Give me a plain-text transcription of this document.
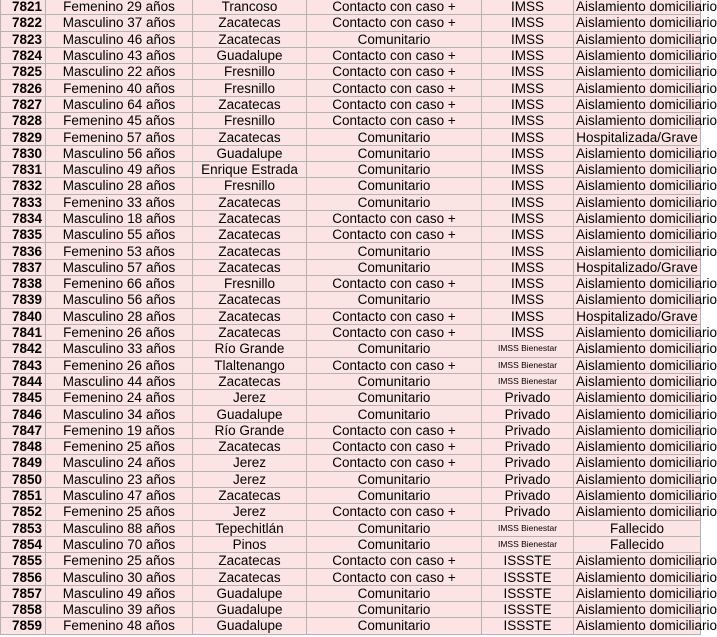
7821	Femenino 29 años	Trancoso	Contacto con caso +	IMSS	Aislamiento domiciliario
7822	Masculino 37 años	Zacatecas	Contacto con caso +	IMSS	Aislamiento domiciliario
7823	Masculino 46 años	Zacatecas	Comunitario	IMSS	Aislamiento domiciliario
7824	Masculino 43 años	Guadalupe	Contacto con caso +	IMSS	Aislamiento domiciliario
7825	Masculino 22 años	Fresnillo	Contacto con caso +	IMSS	Aislamiento domiciliario
7826	Femenino 40 años	Fresnillo	Contacto con caso +	IMSS	Aislamiento domiciliario
7827	Masculino 64 años	Zacatecas	Contacto con caso +	IMSS	Aislamiento domiciliario
7828	Femenino 45 años	Fresnillo	Contacto con caso +	IMSS	Aislamiento domiciliario
7829	Femenino 57 años	Zacatecas	Comunitario	IMSS	Hospitalizada/Grave
7830	Masculino 56 años	Guadalupe	Comunitario	IMSS	Aislamiento domiciliario
7831	Masculino 49 años	Enrique Estrada	Comunitario	IMSS	Aislamiento domiciliario
7832	Masculino 28 años	Fresnillo	Comunitario	IMSS	Aislamiento domiciliario
7833	Femenino 33 años	Zacatecas	Comunitario	IMSS	Aislamiento domiciliario
7834	Masculino 18 años	Zacatecas	Contacto con caso +	IMSS	Aislamiento domiciliario
7835	Masculino 55 años	Zacatecas	Contacto con caso +	IMSS	Aislamiento domiciliario
7836	Femenino 53 años	Zacatecas	Comunitario	IMSS	Aislamiento domiciliario
7837	Masculino 57 años	Zacatecas	Comunitario	IMSS	Hospitalizado/Grave
7838	Femenino 66 años	Fresnillo	Contacto con caso +	IMSS	Aislamiento domiciliario
7839	Masculino 56 años	Zacatecas	Comunitario	IMSS	Aislamiento domiciliario
7840	Masculino 28 años	Zacatecas	Contacto con caso +	IMSS	Hospitalizado/Grave
7841	Femenino 26 años	Zacatecas	Contacto con caso +	IMSS	Aislamiento domiciliario
7842	Masculino 33 años	Río Grande	Comunitario	IMSS Bienestar	Aislamiento domiciliario
7843	Femenino 26 años	Tlaltenango	Contacto con caso +	IMSS Bienestar	Aislamiento domiciliario
7844	Masculino 44 años	Zacatecas	Comunitario	IMSS Bienestar	Aislamiento domiciliario
7845	Femenino 24 años	Jerez	Comunitario	Privado	Aislamiento domiciliario
7846	Masculino 34 años	Guadalupe	Comunitario	Privado	Aislamiento domiciliario
7847	Femenino 19 años	Río Grande	Contacto con caso +	Privado	Aislamiento domiciliario
7848	Femenino 25 años	Zacatecas	Contacto con caso +	Privado	Aislamiento domiciliario
7849	Masculino 24 años	Jerez	Contacto con caso +	Privado	Aislamiento domiciliario
7850	Masculino 23 años	Jerez	Comunitario	Privado	Aislamiento domiciliario
7851	Masculino 47 años	Zacatecas	Comunitario	Privado	Aislamiento domiciliario
7852	Femenino 25 años	Jerez	Contacto con caso +	Privado	Aislamiento domiciliario
7853	Masculino 88 años	Tepechitlán	Comunitario	IMSS Bienestar	Fallecido
7854	Masculino 70 años	Pinos	Comunitario	IMSS Bienestar	Fallecido
7855	Femenino 25 años	Zacatecas	Contacto con caso +	ISSSTE	Aislamiento domiciliario
7856	Masculino 30 años	Zacatecas	Contacto con caso +	ISSSTE	Aislamiento domiciliario
7857	Masculino 49 años	Guadalupe	Comunitario	ISSSTE	Aislamiento domiciliario
7858	Masculino 39 años	Guadalupe	Comunitario	ISSSTE	Aislamiento domiciliario
7859	Femenino 48 años	Guadalupe	Comunitario	ISSSTE	Aislamiento domiciliario
